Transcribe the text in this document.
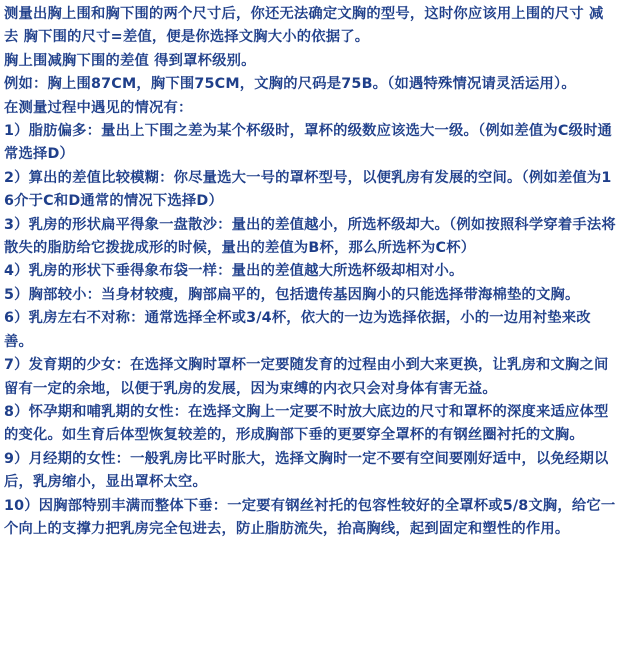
测量出胸上围和胸下围的两个尺寸后，你还无法确定文胸的型号，这时你应该用上围的尺寸 减去 胸下围的尺寸=差值，便是你选择文胸大小的依据了。

胸上围减胸下围的差值 得到罩杯级别。

例如：胸上围87CM，胸下围75CM，文胸的尺码是75B。（如遇特殊情况请灵活运用）。

在测量过程中遇见的情况有：

1）脂肪偏多：量出上下围之差为某个杯级时，罩杯的级数应该选大一级。（例如差值为C级时通常选择D）

2）算出的差值比较模糊：你尽量选大一号的罩杯型号，以便乳房有发展的空间。（例如差值为16介于C和D通常的情况下选择D）

3）乳房的形状扁平得象一盘散沙：量出的差值越小，所选杯级却大。（例如按照科学穿着手法将散失的脂肪给它拨拢成形的时候，量出的差值为B杯，那么所选杯为C杯）

4）乳房的形状下垂得象布袋一样：量出的差值越大所选杯级却相对小。

5）胸部较小：当身材较瘦，胸部扁平的，包括遗传基因胸小的只能选择带海棉垫的文胸。

6）乳房左右不对称：通常选择全杯或3/4杯，依大的一边为选择依据，小的一边用衬垫来改善。

7）发育期的少女：在选择文胸时罩杯一定要随发育的过程由小到大来更换，让乳房和文胸之间留有一定的余地，以便于乳房的发展，因为束缚的内衣只会对身体有害无益。

8）怀孕期和哺乳期的女性：在选择文胸上一定要不时放大底边的尺寸和罩杯的深度来适应体型的变化。如生育后体型恢复较差的，形成胸部下垂的更要穿全罩杯的有钢丝圈衬托的文胸。

9）月经期的女性：一般乳房比平时胀大，选择文胸时一定不要有空间要刚好适中，以免经期以后，乳房缩小，显出罩杯太空。

10）因胸部特别丰满而整体下垂：一定要有钢丝衬托的包容性较好的全罩杯或5/8文胸，给它一个向上的支撑力把乳房完全包进去，防止脂肪流失，抬高胸线，起到固定和塑性的作用。
